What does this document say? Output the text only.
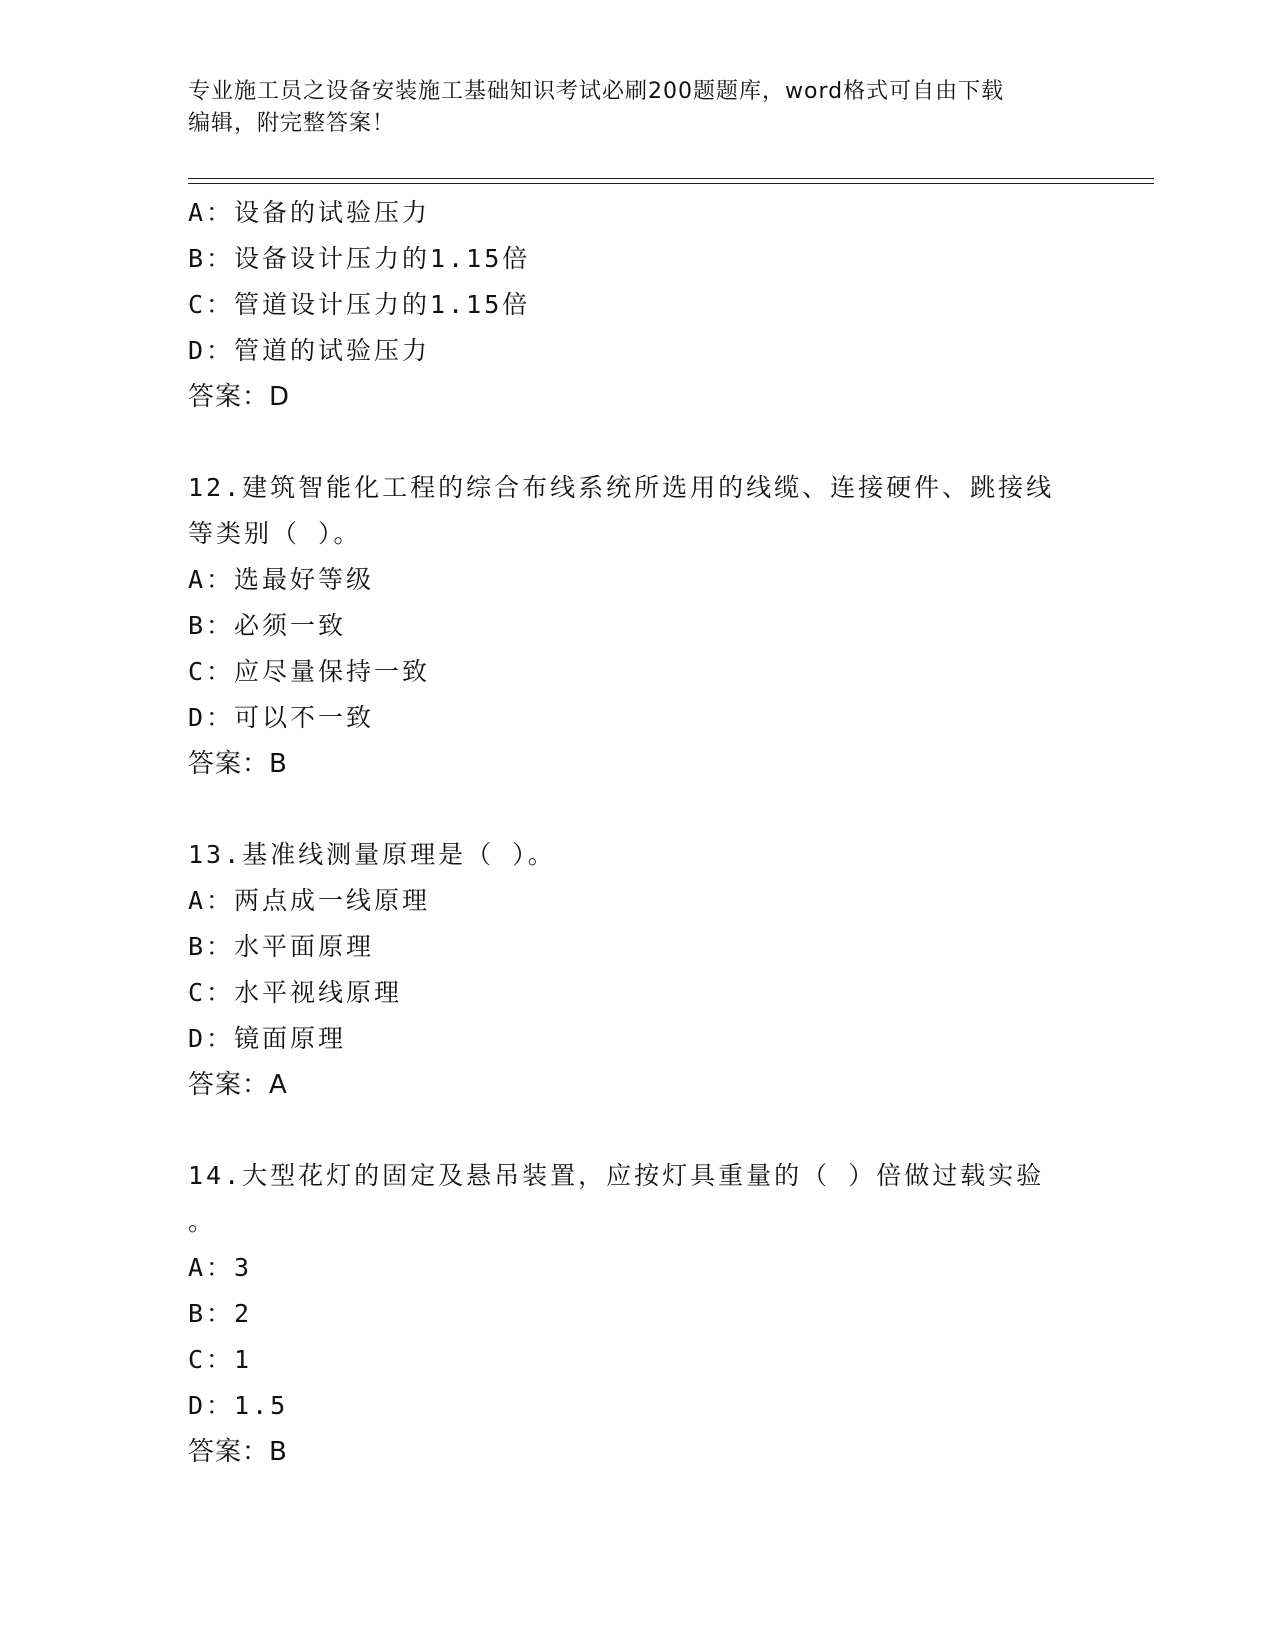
专业施工员之设备安装施工基础知识考试必刷200题题库，word格式可自由下载
编辑，附完整答案！
A：设备的试验压力
B：设备设计压力的1.15倍
C：管道设计压力的1.15倍
D：管道的试验压力
答案：D
12.建筑智能化工程的综合布线系统所选用的线缆、连接硬件、跳接线
等类别（ ）。
A：选最好等级
B：必须一致
C：应尽量保持一致
D：可以不一致
答案：B
13.基准线测量原理是（ ）。
A：两点成一线原理
B：水平面原理
C：水平视线原理
D：镜面原理
答案：A
14.大型花灯的固定及悬吊装置，应按灯具重量的（ ）倍做过载实验
。
A：3
B：2
C：1
D：1.5
答案：B
